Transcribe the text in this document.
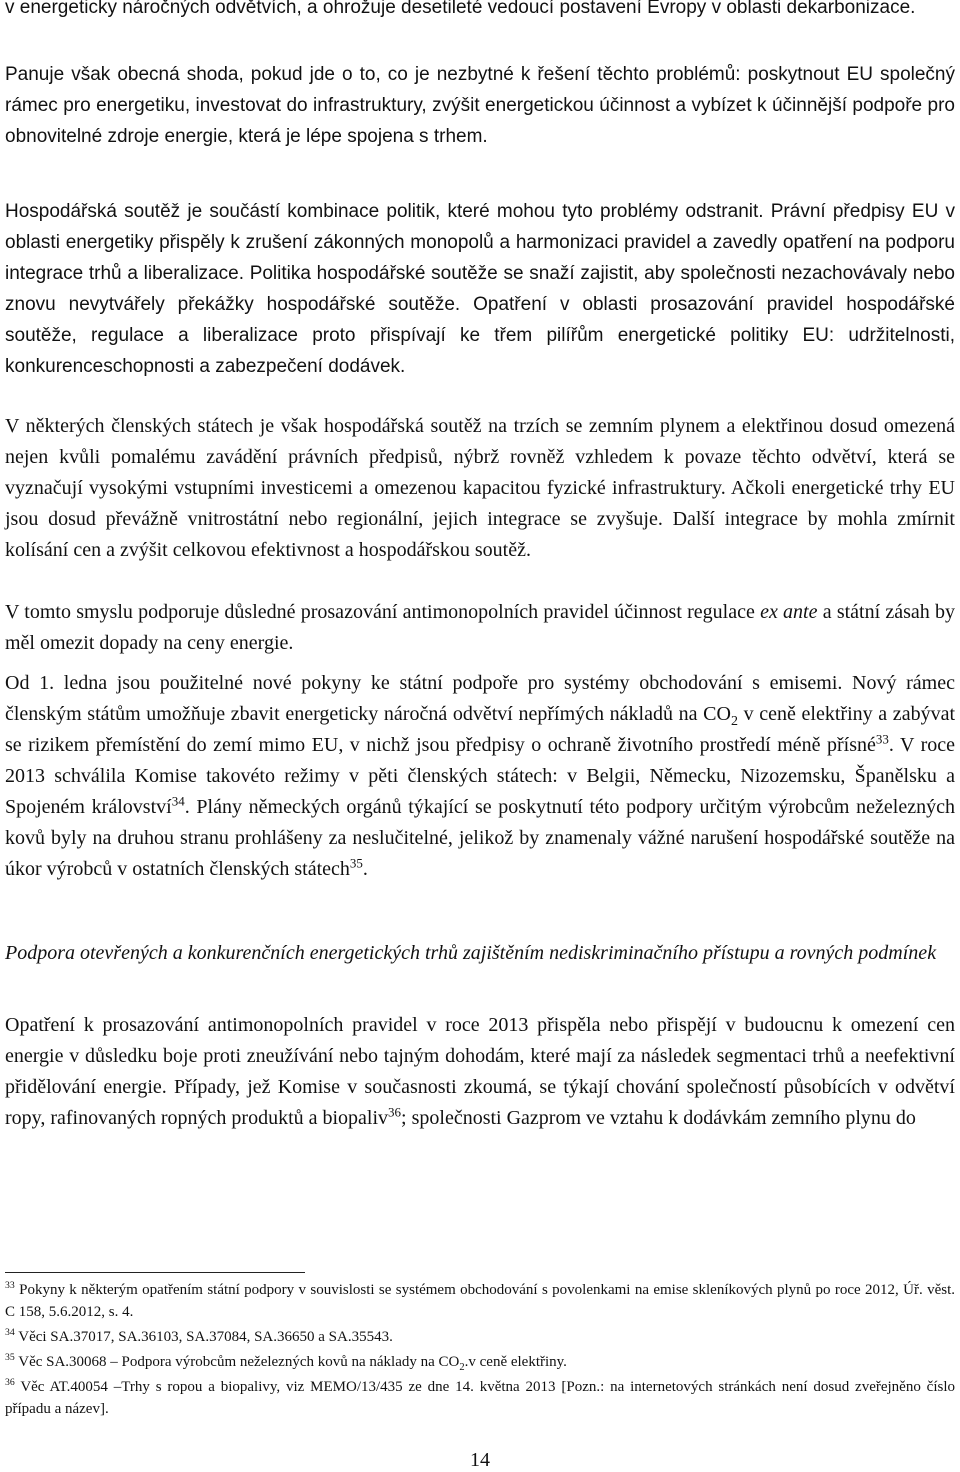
v energeticky náročných odvětvích, a ohrožuje desetileté vedoucí postavení Evropy v oblasti dekarbonizace.

Panuje však obecná shoda, pokud jde o to, co je nezbytné k řešení těchto problémů: poskytnout EU společný rámec pro energetiku, investovat do infrastruktury, zvýšit energetickou účinnost a vybízet k účinnější podpoře pro obnovitelné zdroje energie, která je lépe spojena s trhem.

Hospodářská soutěž je součástí kombinace politik, které mohou tyto problémy odstranit. Právní předpisy EU v oblasti energetiky přispěly k zrušení zákonných monopolů a harmonizaci pravidel a zavedly opatření na podporu integrace trhů a liberalizace. Politika hospodářské soutěže se snaží zajistit, aby společnosti nezachovávaly nebo znovu nevytvářely překážky hospodářské soutěže. Opatření v oblasti prosazování pravidel hospodářské soutěže, regulace a liberalizace proto přispívají ke třem pilířům energetické politiky EU: udržitelnosti, konkurenceschopnosti a zabezpečení dodávek.

V některých členských státech je však hospodářská soutěž na trzích se zemním plynem a elektřinou dosud omezená nejen kvůli pomalému zavádění právních předpisů, nýbrž rovněž vzhledem k povaze těchto odvětví, která se vyznačují vysokými vstupními investicemi a omezenou kapacitou fyzické infrastruktury. Ačkoli energetické trhy EU jsou dosud převážně vnitrostátní nebo regionální, jejich integrace se zvyšuje. Další integrace by mohla zmírnit kolísání cen a zvýšit celkovou efektivnost a hospodářskou soutěž.

V tomto smyslu podporuje důsledné prosazování antimonopolních pravidel účinnost regulace ex ante a státní zásah by měl omezit dopady na ceny energie.

Od 1. ledna jsou použitelné nové pokyny ke státní podpoře pro systémy obchodování s emisemi. Nový rámec členským státům umožňuje zbavit energeticky náročná odvětví nepřímých nákladů na $CO_2$ v ceně elektřiny a zabývat se rizikem přemístění do zemí mimo EU, v nichž jsou předpisy o ochraně životního prostředí méně přísné$^{33}$. V roce 2013 schválila Komise takovéto režimy v pěti členských státech: v Belgii, Německu, Nizozemsku, Španělsku a Spojeném království$^{34}$. Plány německých orgánů týkající se poskytnutí této podpory určitým výrobcům neželezných kovů byly na druhou stranu prohlášeny za neslučitelné, jelikož by znamenaly vážné narušení hospodářské soutěže na úkor výrobců v ostatních členských státech$^{35}$.

Podpora otevřených a konkurenčních energetických trhů zajištěním nediskriminačního přístupu a rovných podmínek

Opatření k prosazování antimonopolních pravidel v roce 2013 přispěla nebo přispějí v budoucnu k omezení cen energie v důsledku boje proti zneužívání nebo tajným dohodám, které mají za následek segmentaci trhů a neefektivní přidělování energie. Případy, jež Komise v současnosti zkoumá, se týkají chování společností působících v odvětví ropy, rafinovaných ropných produktů a biopaliv$^{36}$; společnosti Gazprom ve vztahu k dodávkám zemního plynu do

$^{33}$ Pokyny k některým opatřením státní podpory v souvislosti se systémem obchodování s povolenkami na emise skleníkových plynů po roce 2012, Úř. věst. C 158, 5.6.2012, s. 4.

$^{34}$ Věci SA.37017, SA.36103, SA.37084, SA.36650 a SA.35543.

$^{35}$ Věc SA.30068 – Podpora výrobcům neželezných kovů na náklady na $CO_2.v$ ceně elektřiny.

$^{36}$ Věc AT.40054 –Trhy s ropou a biopalivy, viz MEMO/13/435 ze dne 14. května 2013 [Pozn.: na internetových stránkách není dosud zveřejněno číslo případu a název].

14
